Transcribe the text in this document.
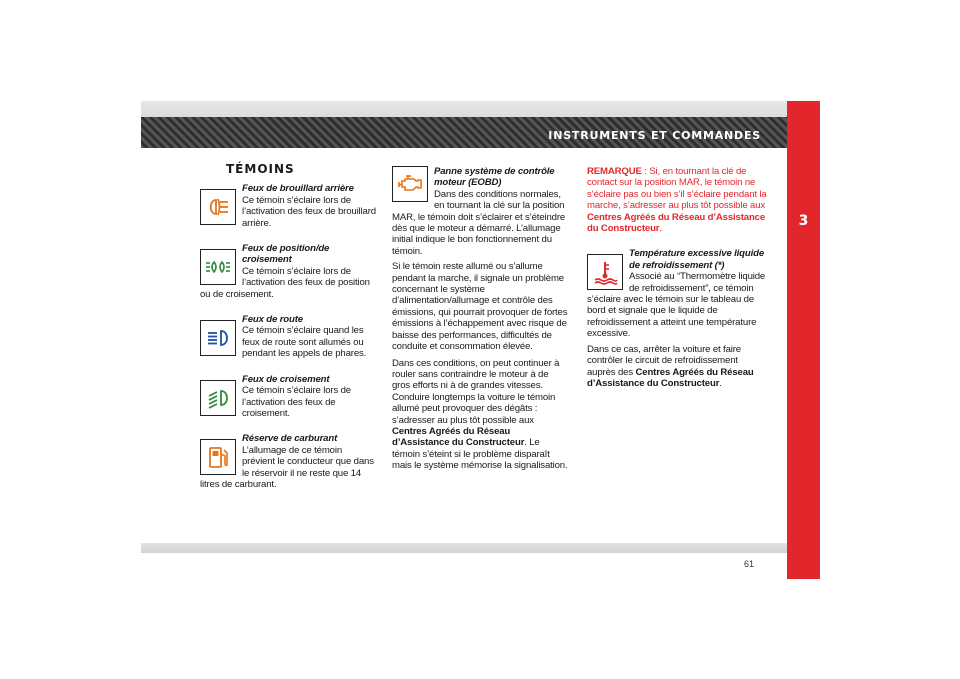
INSTRUMENTS ET COMMANDES
3
TÉMOINS
Feux de brouillard arrière
Ce témoin s’éclaire lors de l’activation des feux de brouillard arrière.
Feux de position/de croisement
Ce témoin s’éclaire lors de l’activation des feux de position ou de croisement.
Feux de route
Ce témoin s’éclaire quand les feux de route sont allumés ou pendant les appels de phares.
Feux de croisement
Ce témoin s’éclaire lors de l’activation des feux de croisement.
Réserve de carburant
L’allumage de ce témoin prévient le conducteur que dans le réservoir il ne reste que 14 litres de carburant.
Panne système de contrôle moteur (EOBD)
Dans des conditions normales, en tournant la clé sur la position MAR, le témoin doit s’éclairer et s’éteindre dès que le moteur a démarré. L’allumage initial indique le bon fonctionnement du témoin.

Si le témoin reste allumé ou s’allume pendant la marche, il signale un problème concernant le système d’alimentation/allumage et contrôle des émissions, qui pourrait provoquer de fortes émissions à l’échappement avec risque de baisse des performances, difficultés de conduite et consommation élevée.

Dans ces conditions, on peut continuer à rouler sans contraindre le moteur à de gros efforts ni à de grandes vitesses. Conduire longtemps la voiture le témoin allumé peut provoquer des dégâts : s’adresser au plus tôt possible aux Centres Agréés du Réseau d’Assistance du Constructeur. Le témoin s’éteint si le problème disparaît mais le système mémorise la signalisation.

REMARQUE : Si, en tournant la clé de contact sur la position MAR, le témoin ne s’éclaire pas ou bien s’il s’éclaire pendant la marche, s’adresser au plus tôt possible aux Centres Agréés du Réseau d’Assistance du Constructeur.

Température excessive liquide de refroidissement (*)
Associé au “Thermomètre liquide de refroidissement”, ce témoin s’éclaire avec le témoin sur le tableau de bord et signale que le liquide de refroidissement a atteint une température excessive.

Dans ce cas, arrêter la voiture et faire contrôler le circuit de refroidissement auprès des Centres Agréés du Réseau d’Assistance du Constructeur.

61
